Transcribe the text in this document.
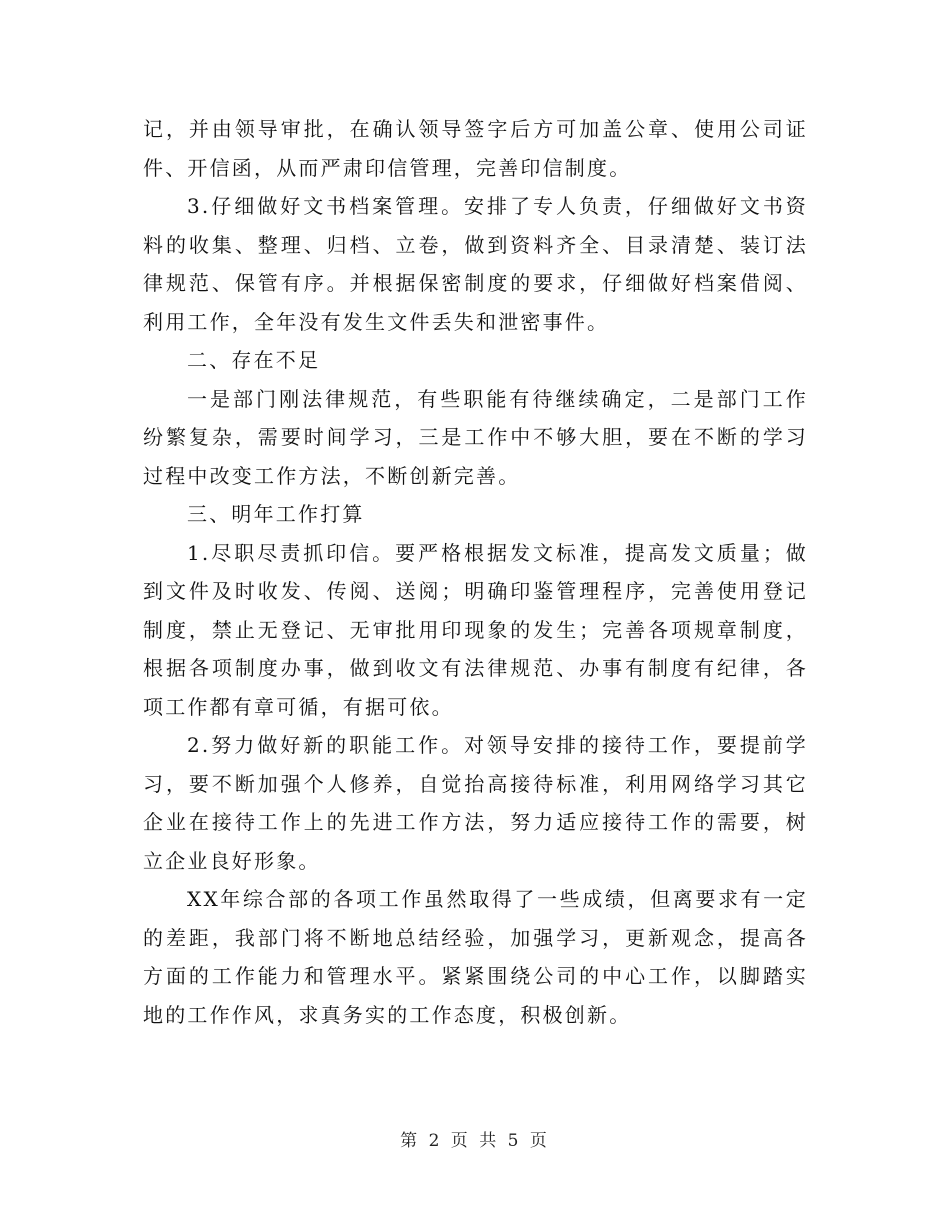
记，并由领导审批，在确认领导签字后方可加盖公章、使用公司证件、开信函，从而严肃印信管理，完善印信制度。

3.仔细做好文书档案管理。安排了专人负责，仔细做好文书资料的收集、整理、归档、立卷，做到资料齐全、目录清楚、装订法律规范、保管有序。并根据保密制度的要求，仔细做好档案借阅、利用工作，全年没有发生文件丢失和泄密事件。

二、存在不足

一是部门刚法律规范，有些职能有待继续确定，二是部门工作纷繁复杂，需要时间学习，三是工作中不够大胆，要在不断的学习过程中改变工作方法，不断创新完善。

三、明年工作打算

1.尽职尽责抓印信。要严格根据发文标准，提高发文质量；做到文件及时收发、传阅、送阅；明确印鉴管理程序，完善使用登记制度，禁止无登记、无审批用印现象的发生；完善各项规章制度，根据各项制度办事，做到收文有法律规范、办事有制度有纪律，各项工作都有章可循，有据可依。

2.努力做好新的职能工作。对领导安排的接待工作，要提前学习，要不断加强个人修养，自觉抬高接待标准，利用网络学习其它企业在接待工作上的先进工作方法，努力适应接待工作的需要，树立企业良好形象。

XX年综合部的各项工作虽然取得了一些成绩，但离要求有一定的差距，我部门将不断地总结经验，加强学习，更新观念，提高各方面的工作能力和管理水平。紧紧围绕公司的中心工作，以脚踏实地的工作作风，求真务实的工作态度，积极创新。

第 2 页 共 5 页
